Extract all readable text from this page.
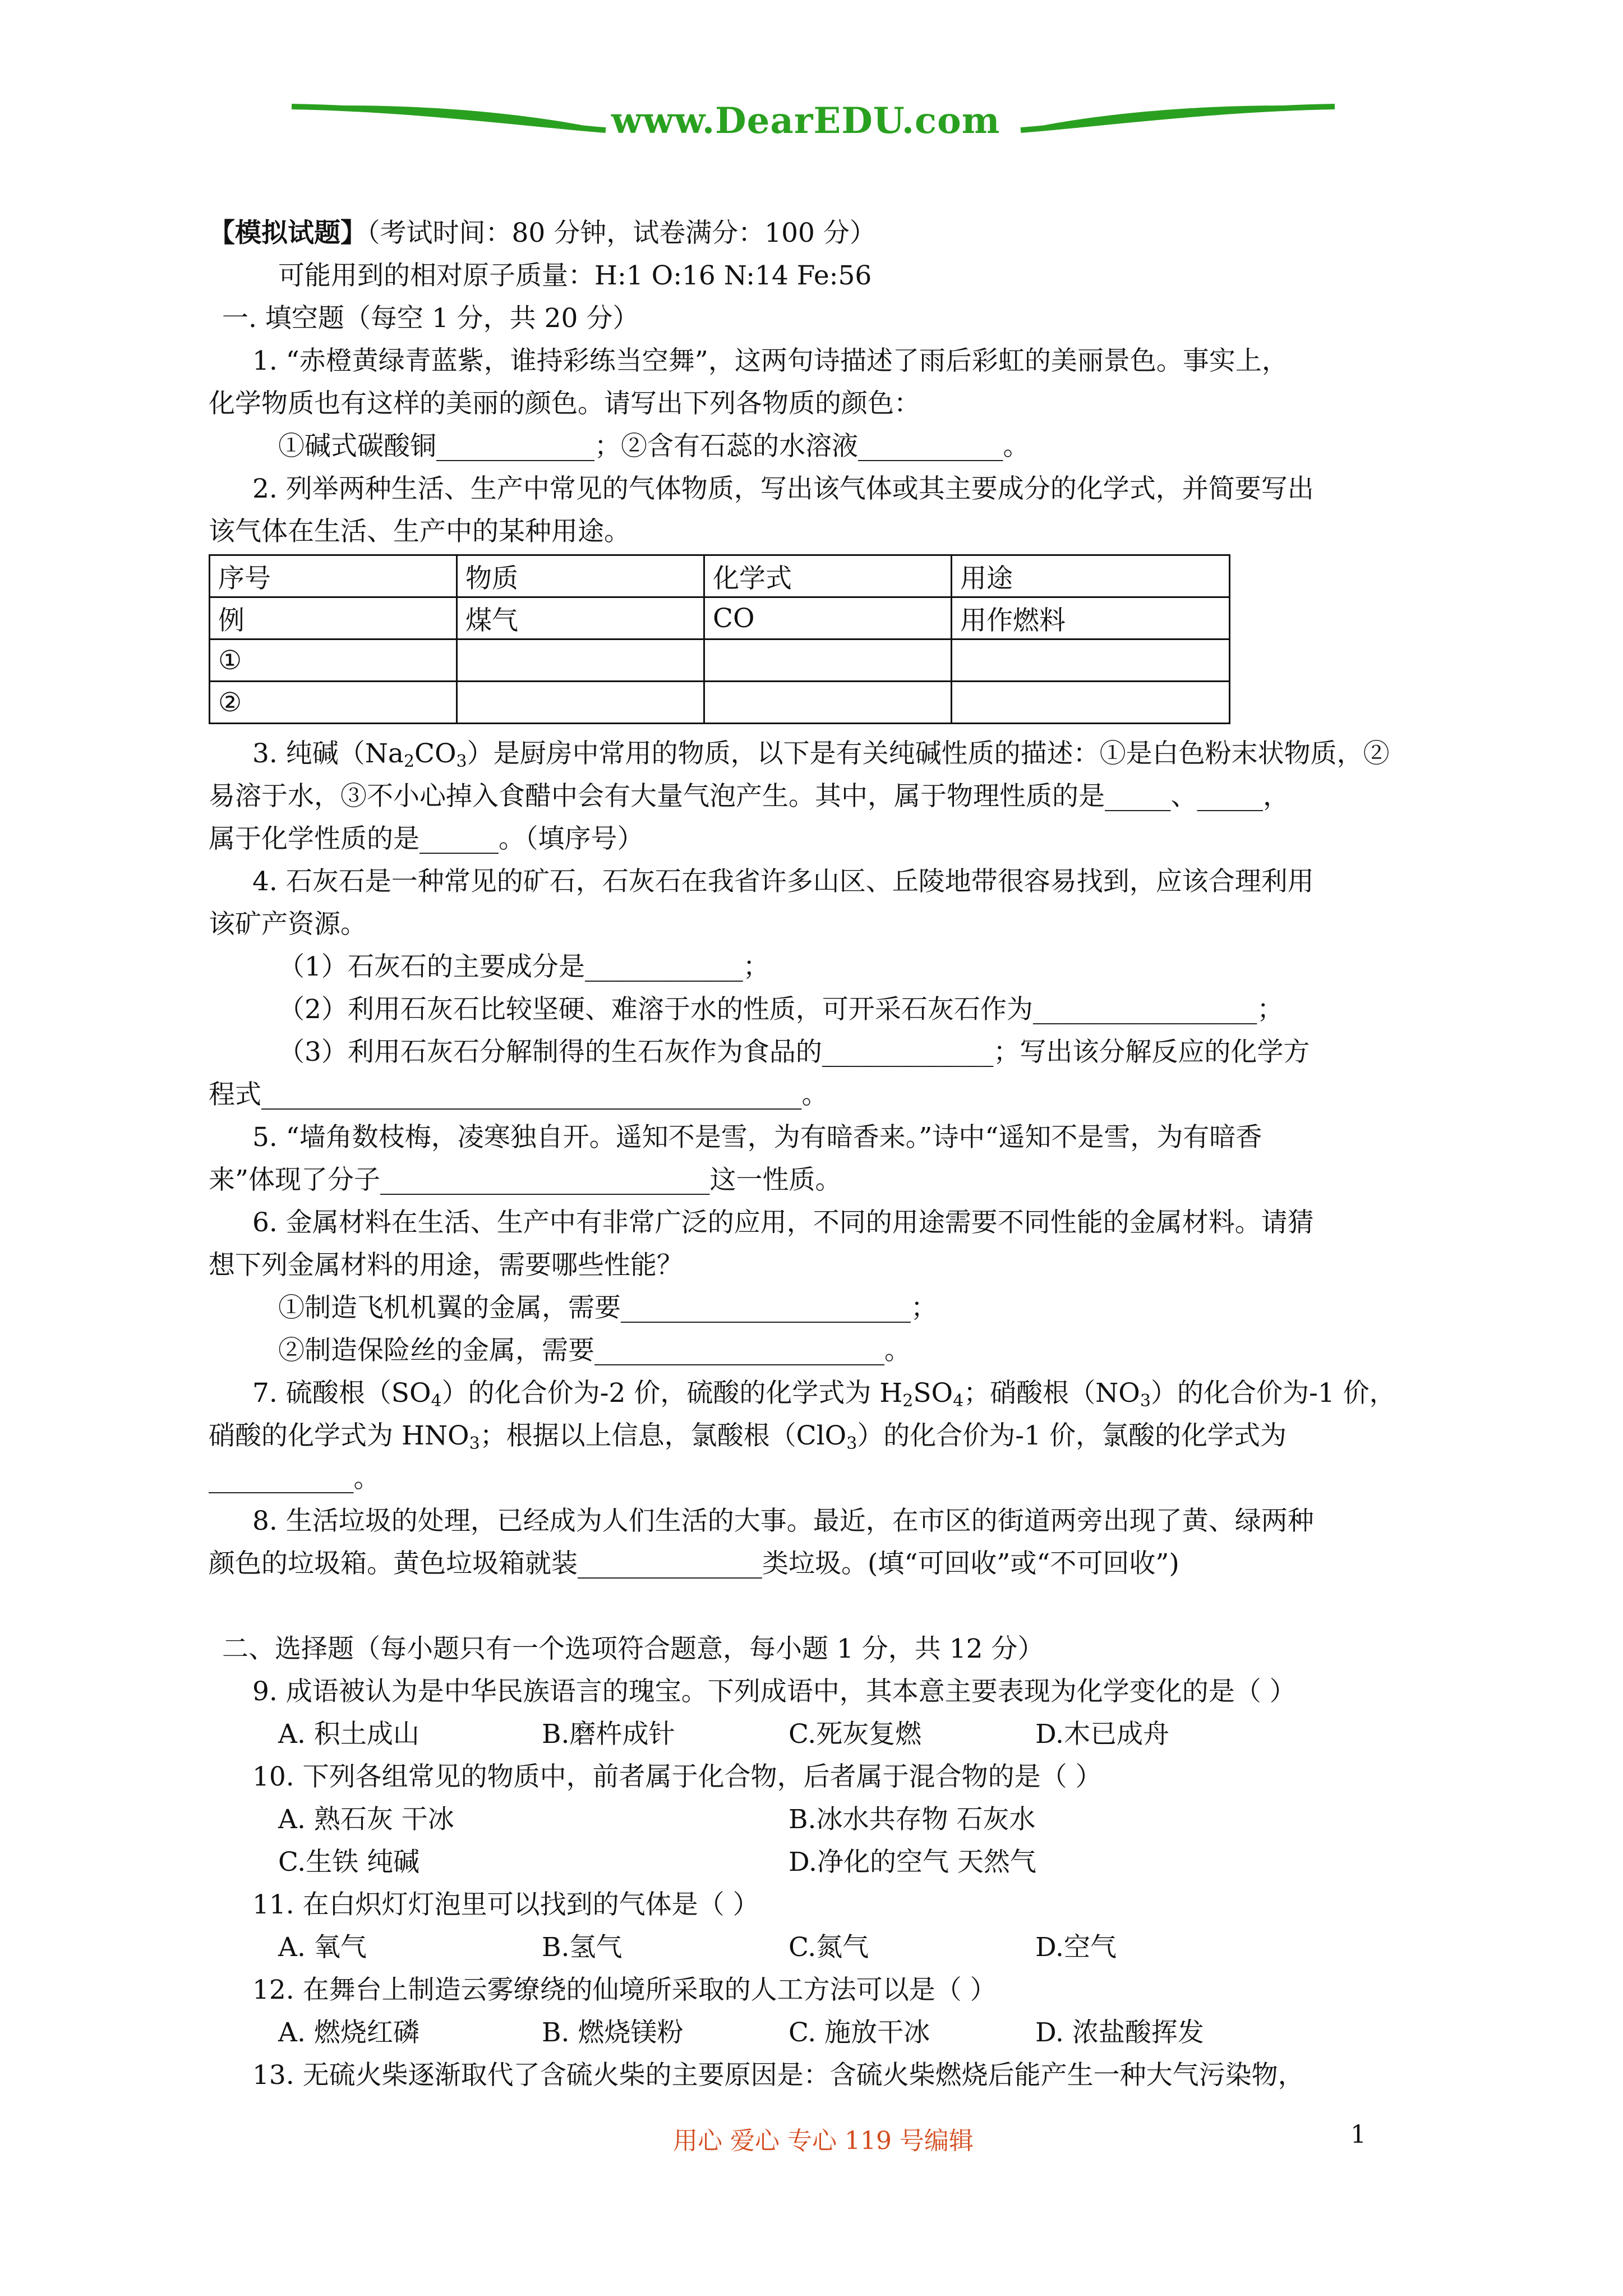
www.DearEDU.com
【模拟试题】（考试时间：80 分钟，试卷满分：100 分）
可能用到的相对原子质量：H:1 O:16 N:14 Fe:56
一. 填空题（每空 1 分，共 20 分）
1. “赤橙黄绿青蓝紫，谁持彩练当空舞”，这两句诗描述了雨后彩虹的美丽景色。事实上，
化学物质也有这样的美丽的颜色。请写出下列各物质的颜色：
①碱式碳酸铜____________；②含有石蕊的水溶液___________。
2. 列举两种生活、生产中常见的气体物质，写出该气体或其主要成分的化学式，并简要写出
该气体在生活、生产中的某种用途。
序号	物质	化学式	用途
例	煤气	CO	用作燃料
①			
②			
3. 纯碱$(Na_2CO_3)$是厨房中常用的物质，以下是有关纯碱性质的描述：①是白色粉末状物质，②
易溶于水，③不小心掉入食醋中会有大量气泡产生。其中，属于物理性质的是_____、_____，
属于化学性质的是______。（填序号）
4. 石灰石是一种常见的矿石，石灰石在我省许多山区、丘陵地带很容易找到，应该合理利用
该矿产资源。
（1）石灰石的主要成分是____________；
（2）利用石灰石比较坚硬、难溶于水的性质，可开采石灰石作为_________________；
（3）利用石灰石分解制得的生石灰作为食品的_____________；写出该分解反应的化学方
程式_________________________________________。
5. “墙角数枝梅，凌寒独自开。遥知不是雪，为有暗香来。”诗中“遥知不是雪，为有暗香
来”体现了分子_________________________这一性质。
6. 金属材料在生活、生产中有非常广泛的应用，不同的用途需要不同性能的金属材料。请猜
想下列金属材料的用途，需要哪些性能？
①制造飞机机翼的金属，需要______________________；
②制造保险丝的金属，需要______________________。
7. 硫酸根$(SO_4)$的化合价为-2 价，硫酸的化学式为 $H_2SO_4$；硝酸根$(NO_3)$的化合价为-1 价，
硝酸的化学式为 $HNO_3$；根据以上信息，氯酸根（ClO$_3$）的化合价为-1 价，氯酸的化学式为
___________。
8. 生活垃圾的处理，已经成为人们生活的大事。最近，在市区的街道两旁出现了黄、绿两种
颜色的垃圾箱。黄色垃圾箱就装______________类垃圾。(填“可回收”或“不可回收”)
二、选择题（每小题只有一个选项符合题意，每小题 1 分，共 12 分）
9. 成语被认为是中华民族语言的瑰宝。下列成语中，其本意主要表现为化学变化的是（ ）
A. 积土成山	B.磨杵成针	C.死灰复燃	D.木已成舟
10. 下列各组常见的物质中，前者属于化合物，后者属于混合物的是（ ）
A. 熟石灰 干冰	B.冰水共存物 石灰水
C.生铁 纯碱	D.净化的空气 天然气
11. 在白炽灯灯泡里可以找到的气体是（ ）
A. 氧气	B.氢气	C.氮气	D.空气
12. 在舞台上制造云雾缭绕的仙境所采取的人工方法可以是（ ）
A. 燃烧红磷	B. 燃烧镁粉	C. 施放干冰	D. 浓盐酸挥发
13. 无硫火柴逐渐取代了含硫火柴的主要原因是：含硫火柴燃烧后能产生一种大气污染物，
用心 爱心 专心 119 号编辑	1
